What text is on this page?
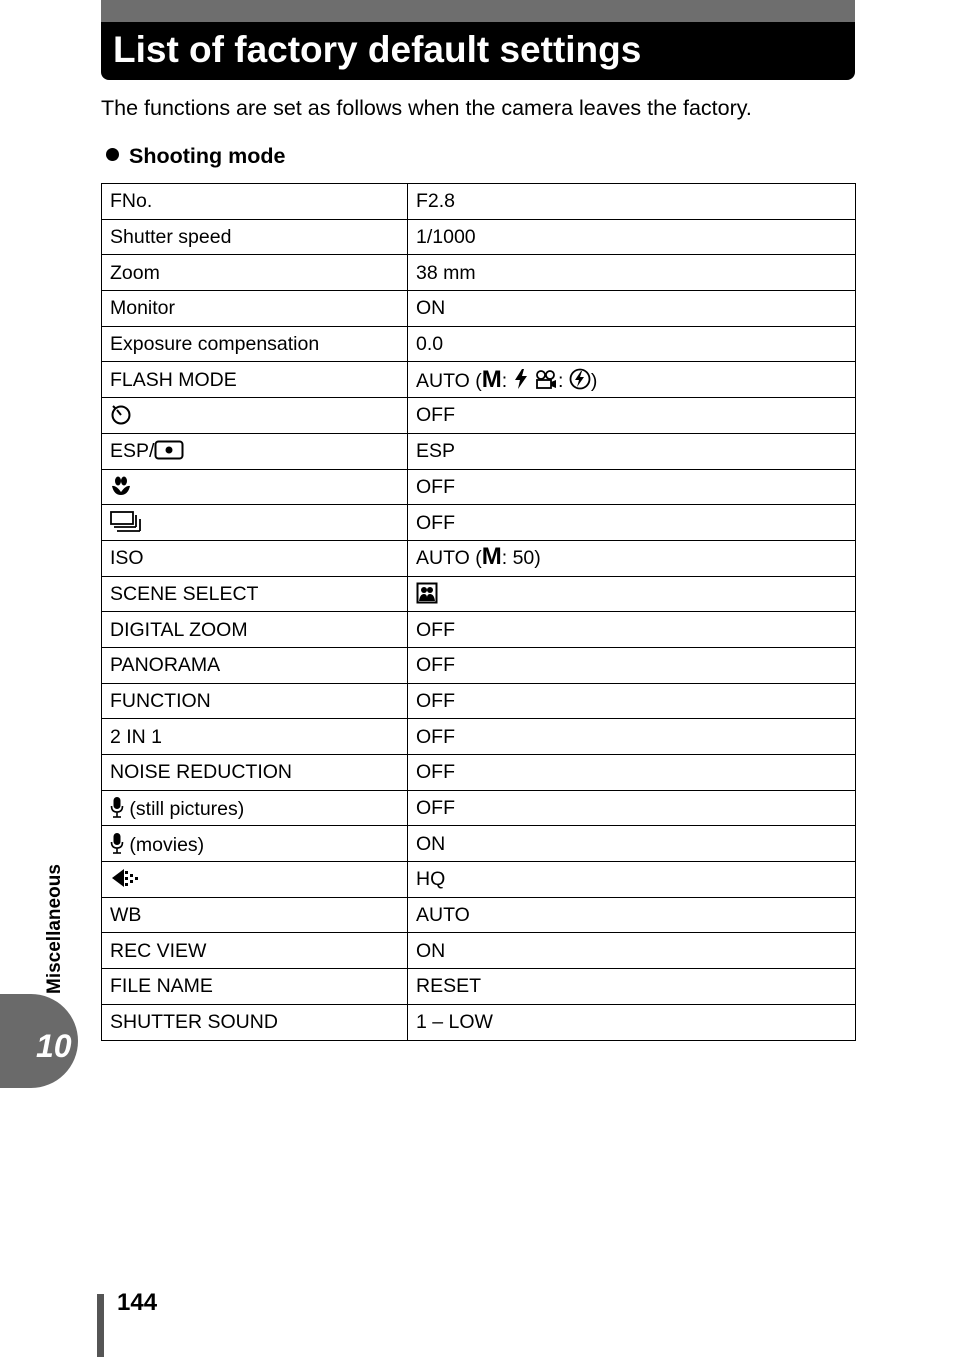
List of factory default settings
The functions are set as follows when the camera leaves the factory.
Shooting mode
FNo.	F2.8
Shutter speed	1/1000
Zoom	38 mm
Monitor	ON
Exposure compensation	0.0
FLASH MODE	AUTO (M: : )
	OFF
ESP/	ESP
	OFF
	OFF
ISO	AUTO (M: 50)
SCENE SELECT	
DIGITAL ZOOM	OFF
PANORAMA	OFF
FUNCTION	OFF
2 IN 1	OFF
NOISE REDUCTION	OFF
(still pictures)	OFF
(movies)	ON
	HQ
WB	AUTO
REC VIEW	ON
FILE NAME	RESET
SHUTTER SOUND	1 – LOW
10
Miscellaneous
144
